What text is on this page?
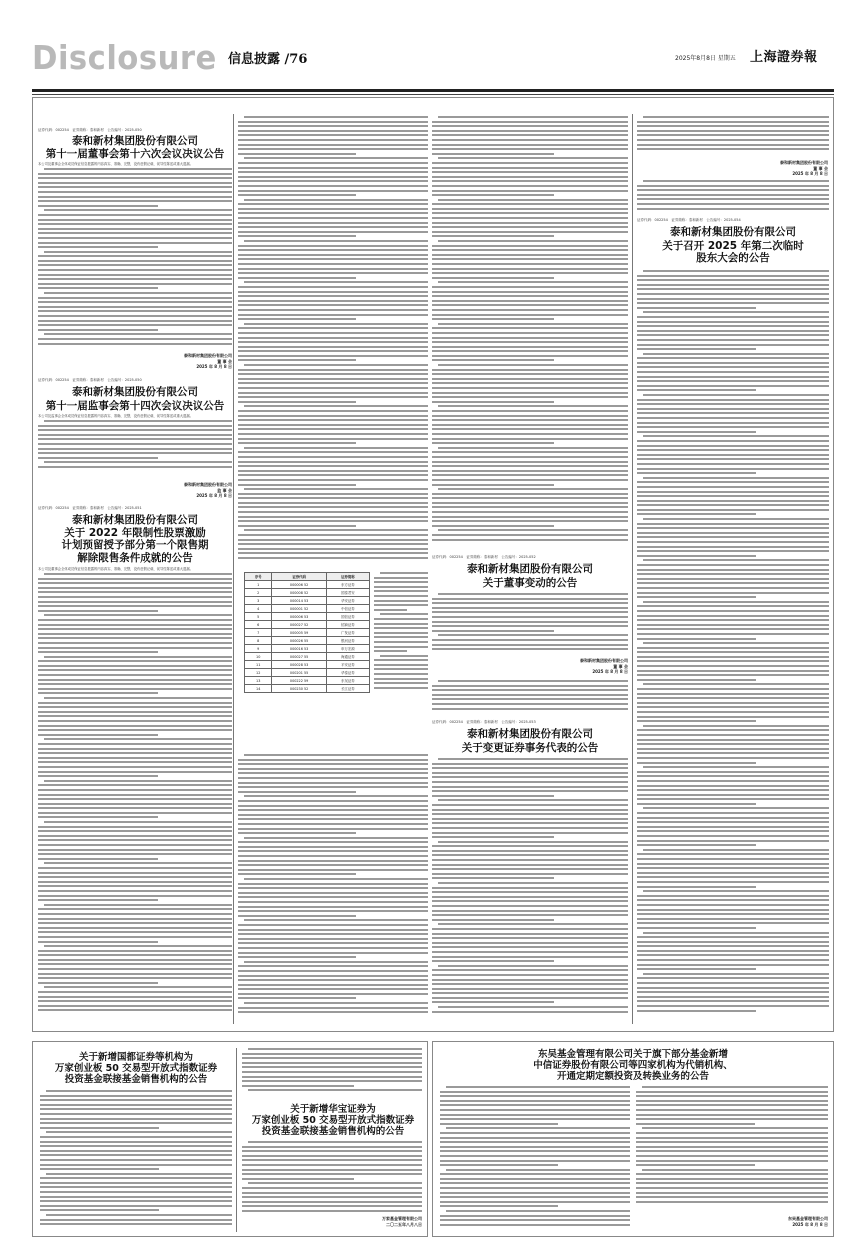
Disclosure 信息披露 /76	2025年8月8日 星期五 上海證券報
证券代码：002254　证券简称：泰和新材　公告编号：2025-050
泰和新材集团股份有限公司
第十一届董事会第十六次会议决议公告
本公司及董事会全体成员保证信息披露的内容真实、准确、完整，没有虚假记载、误导性陈述或重大遗漏。
泰和新材集团股份有限公司
董 事 会
2025 年 8 月 8 日
证券代码：002254　证券简称：泰和新材　公告编号：2025-050
泰和新材集团股份有限公司
第十一届监事会第十四次会议决议公告
本公司及监事会全体成员保证信息披露的内容真实、准确、完整，没有虚假记载、误导性陈述或重大遗漏。
泰和新材集团股份有限公司
监 事 会
2025 年 8 月 8 日
证券代码：002254　证券简称：泰和新材　公告编号：2025-051
泰和新材集团股份有限公司
关于 2022 年限制性股票激励
计划预留授予部分第一个限售期
解除限售条件成就的公告
本公司及董事会全体成员保证信息披露的内容真实、准确、完整，没有虚假记载、误导性陈述或重大遗漏。
序号	证券代码	证券简称
1	000006 52	东方证券
2	000008 52	国泰君安
3	000014 53	华安证券
4	000001 52	中信证券
5	000006 53	国信证券
6	000027 52	招商证券
7	000005 59	广发证券
8	000026 55	银河证券
9	000016 53	申万宏源
10	000027 55	海通证券
11	000028 53	平安证券
12	000201 55	华泰证券
13	000222 59	东吴证券
14	000230 52	长江证券
证券代码：002254　证券简称：泰和新材　公告编号：2025-052
泰和新材集团股份有限公司
关于董事变动的公告
泰和新材集团股份有限公司
董 事 会
2025 年 8 月 8 日
证券代码：002254　证券简称：泰和新材　公告编号：2025-053
泰和新材集团股份有限公司
关于变更证券事务代表的公告
泰和新材集团股份有限公司
董 事 会
2025 年 8 月 8 日
证券代码：002254　证券简称：泰和新材　公告编号：2025-054
泰和新材集团股份有限公司
关于召开 2025 年第二次临时
股东大会的公告
关于新增国都证券等机构为
万家创业板 50 交易型开放式指数证券
投资基金联接基金销售机构的公告
关于新增华宝证券为
万家创业板 50 交易型开放式指数证券
投资基金联接基金销售机构的公告
万家基金管理有限公司
二〇二五年八月八日
东吴基金管理有限公司关于旗下部分基金新增
中信证券股份有限公司等四家机构为代销机构、
开通定期定额投资及转换业务的公告
东吴基金管理有限公司
2025 年 8 月 8 日
